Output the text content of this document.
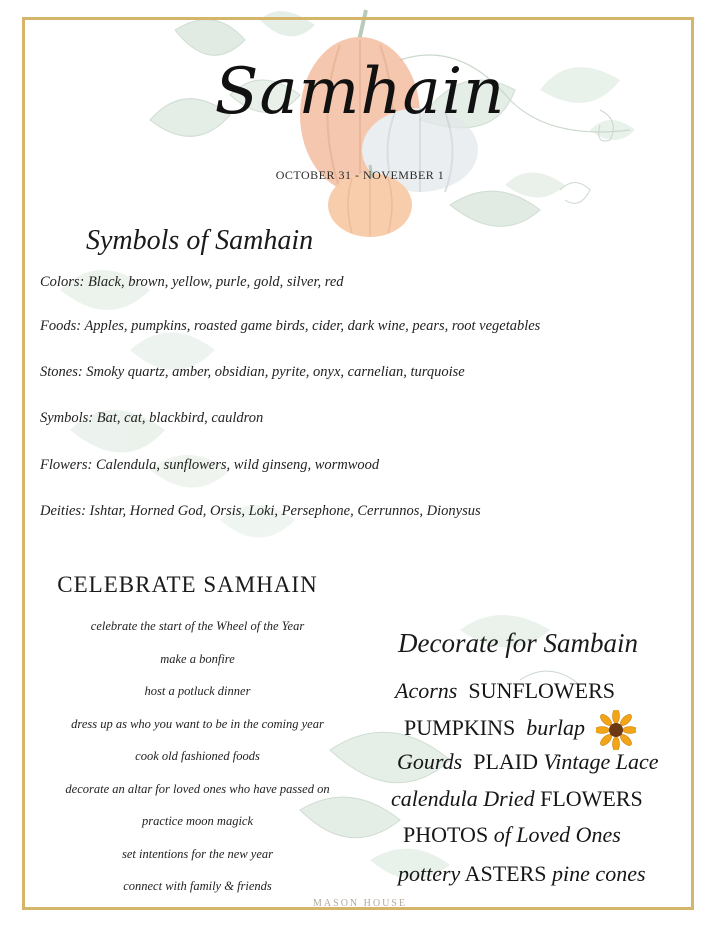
Samhain
OCTOBER 31 - NOVEMBER 1
Symbols of Samhain
Colors: Black, brown, yellow, purle, gold, silver, red
Foods: Apples, pumpkins, roasted game birds, cider, dark wine, pears, root vegetables
Stones: Smoky quartz, amber, obsidian, pyrite, onyx, carnelian, turquoise
Symbols: Bat, cat, blackbird, cauldron
Flowers: Calendula, sunflowers, wild ginseng, wormwood
Deities: Ishtar, Horned God, Orsis, Loki, Persephone, Cerrunnos, Dionysus
CELEBRATE SAMHAIN
celebrate the start of the Wheel of the Year
make a bonfire
host a potluck dinner
dress up as who you want to be in the coming year
cook old fashioned foods
decorate an altar for loved ones who have passed on
practice moon magick
set intentions for the new year
connect with family & friends
Decorate for Sambain
Acorns SUNFLOWERS
PUMPKINS burlap
Gourds PLAID Vintage Lace
calendula Dried FLOWERS
PHOTOS of Loved Ones
pottery ASTERS pine cones
MASON HOUSE
